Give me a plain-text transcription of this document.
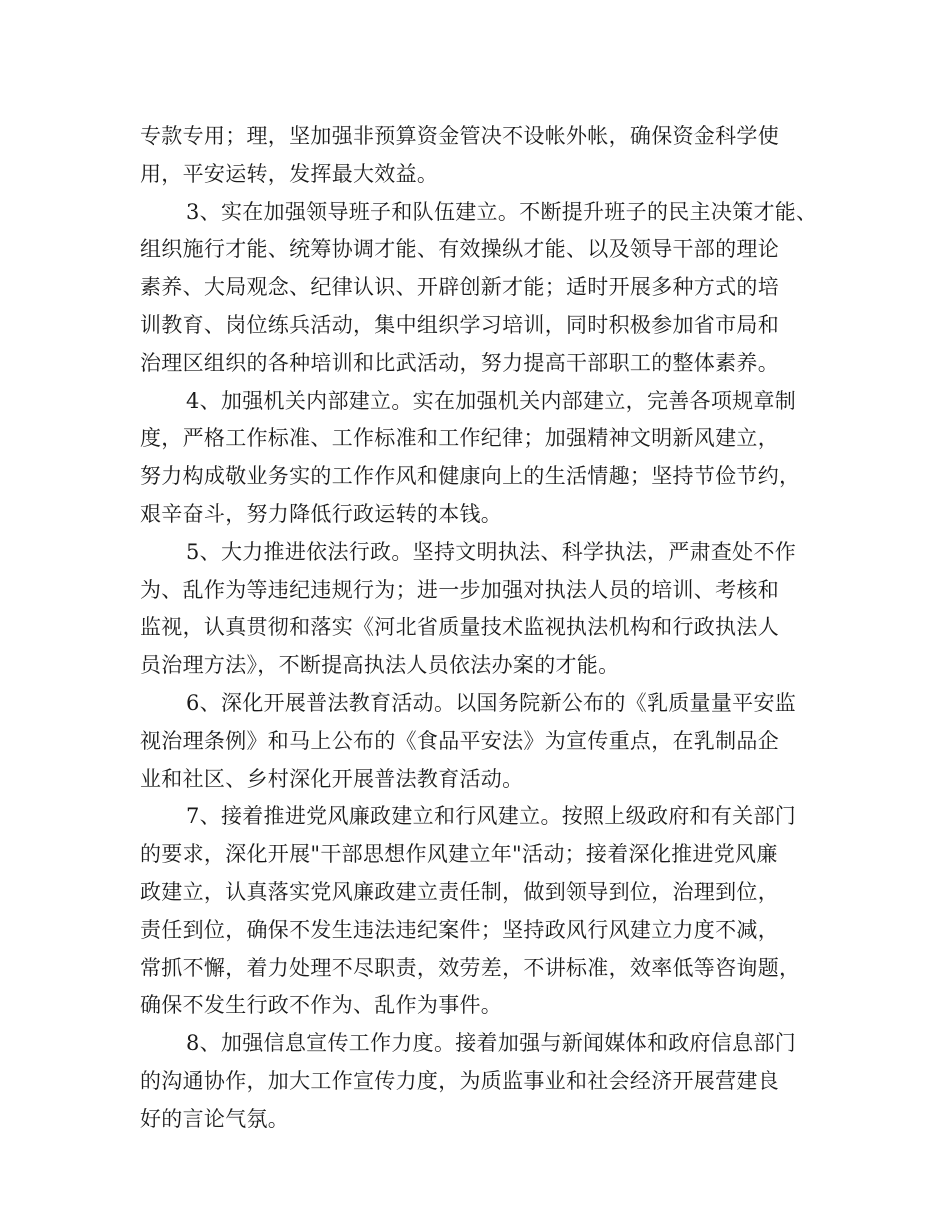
专款专用；理，坚加强非预算资金管决不设帐外帐，确保资金科学使
用，平安运转，发挥最大效益。
3、实在加强领导班子和队伍建立。不断提升班子的民主决策才能、
组织施行才能、统筹协调才能、有效操纵才能、以及领导干部的理论
素养、大局观念、纪律认识、开辟创新才能；适时开展多种方式的培
训教育、岗位练兵活动，集中组织学习培训，同时积极参加省市局和
治理区组织的各种培训和比武活动，努力提高干部职工的整体素养。
4、加强机关内部建立。实在加强机关内部建立，完善各项规章制
度，严格工作标准、工作标准和工作纪律；加强精神文明新风建立，
努力构成敬业务实的工作作风和健康向上的生活情趣；坚持节俭节约，
艰辛奋斗，努力降低行政运转的本钱。
5、大力推进依法行政。坚持文明执法、科学执法，严肃查处不作
为、乱作为等违纪违规行为；进一步加强对执法人员的培训、考核和
监视，认真贯彻和落实《河北省质量技术监视执法机构和行政执法人
员治理方法》，不断提高执法人员依法办案的才能。
6、深化开展普法教育活动。以国务院新公布的《乳质量量平安监
视治理条例》和马上公布的《食品平安法》为宣传重点，在乳制品企
业和社区、乡村深化开展普法教育活动。
7、接着推进党风廉政建立和行风建立。按照上级政府和有关部门
的要求，深化开展"干部思想作风建立年"活动；接着深化推进党风廉
政建立，认真落实党风廉政建立责任制，做到领导到位，治理到位，
责任到位，确保不发生违法违纪案件；坚持政风行风建立力度不减，
常抓不懈，着力处理不尽职责，效劳差，不讲标准，效率低等咨询题，
确保不发生行政不作为、乱作为事件。
8、加强信息宣传工作力度。接着加强与新闻媒体和政府信息部门
的沟通协作，加大工作宣传力度，为质监事业和社会经济开展营建良
好的言论气氛。
